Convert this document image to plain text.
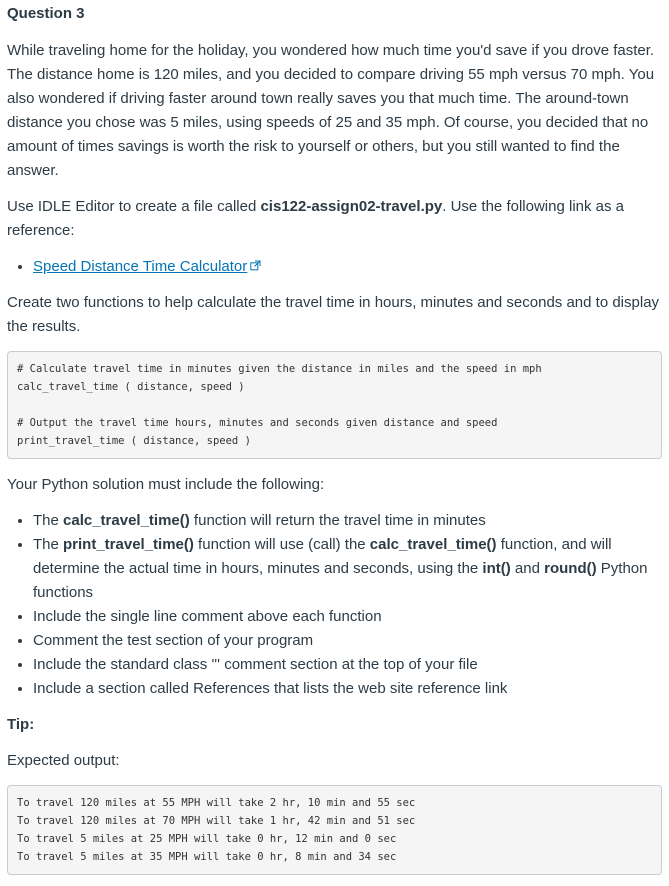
Question 3

While traveling home for the holiday, you wondered how much time you'd save if you drove faster. The distance home is 120 miles, and you decided to compare driving 55 mph versus 70 mph. You also wondered if driving faster around town really saves you that much time. The around-town distance you chose was 5 miles, using speeds of 25 and 35 mph. Of course, you decided that no amount of times savings is worth the risk to yourself or others, but you still wanted to find the answer.

Use IDLE Editor to create a file called cis122-assign02-travel.py. Use the following link as a reference:

• Speed Distance Time Calculator

Create two functions to help calculate the travel time in hours, minutes and seconds and to display the results.

# Calculate travel time in minutes given the distance in miles and the speed in mph
calc_travel_time ( distance, speed )
# Output the travel time hours, minutes and seconds given distance and speed
print_travel_time ( distance, speed )

Your Python solution must include the following:

• The calc_travel_time() function will return the travel time in minutes
• The print_travel_time() function will use (call) the calc_travel_time() function, and will determine the actual time in hours, minutes and seconds, using the int() and round() Python functions
• Include the single line comment above each function
• Comment the test section of your program
• Include the standard class ''' comment section at the top of your file
• Include a section called References that lists the web site reference link
Tip:

Expected output:

To travel 120 miles at 55 MPH will take 2 hr, 10 min and 55 sec
To travel 120 miles at 70 MPH will take 1 hr, 42 min and 51 sec
To travel 5 miles at 25 MPH will take 0 hr, 12 min and 0 sec
To travel 5 miles at 35 MPH will take 0 hr, 8 min and 34 sec
